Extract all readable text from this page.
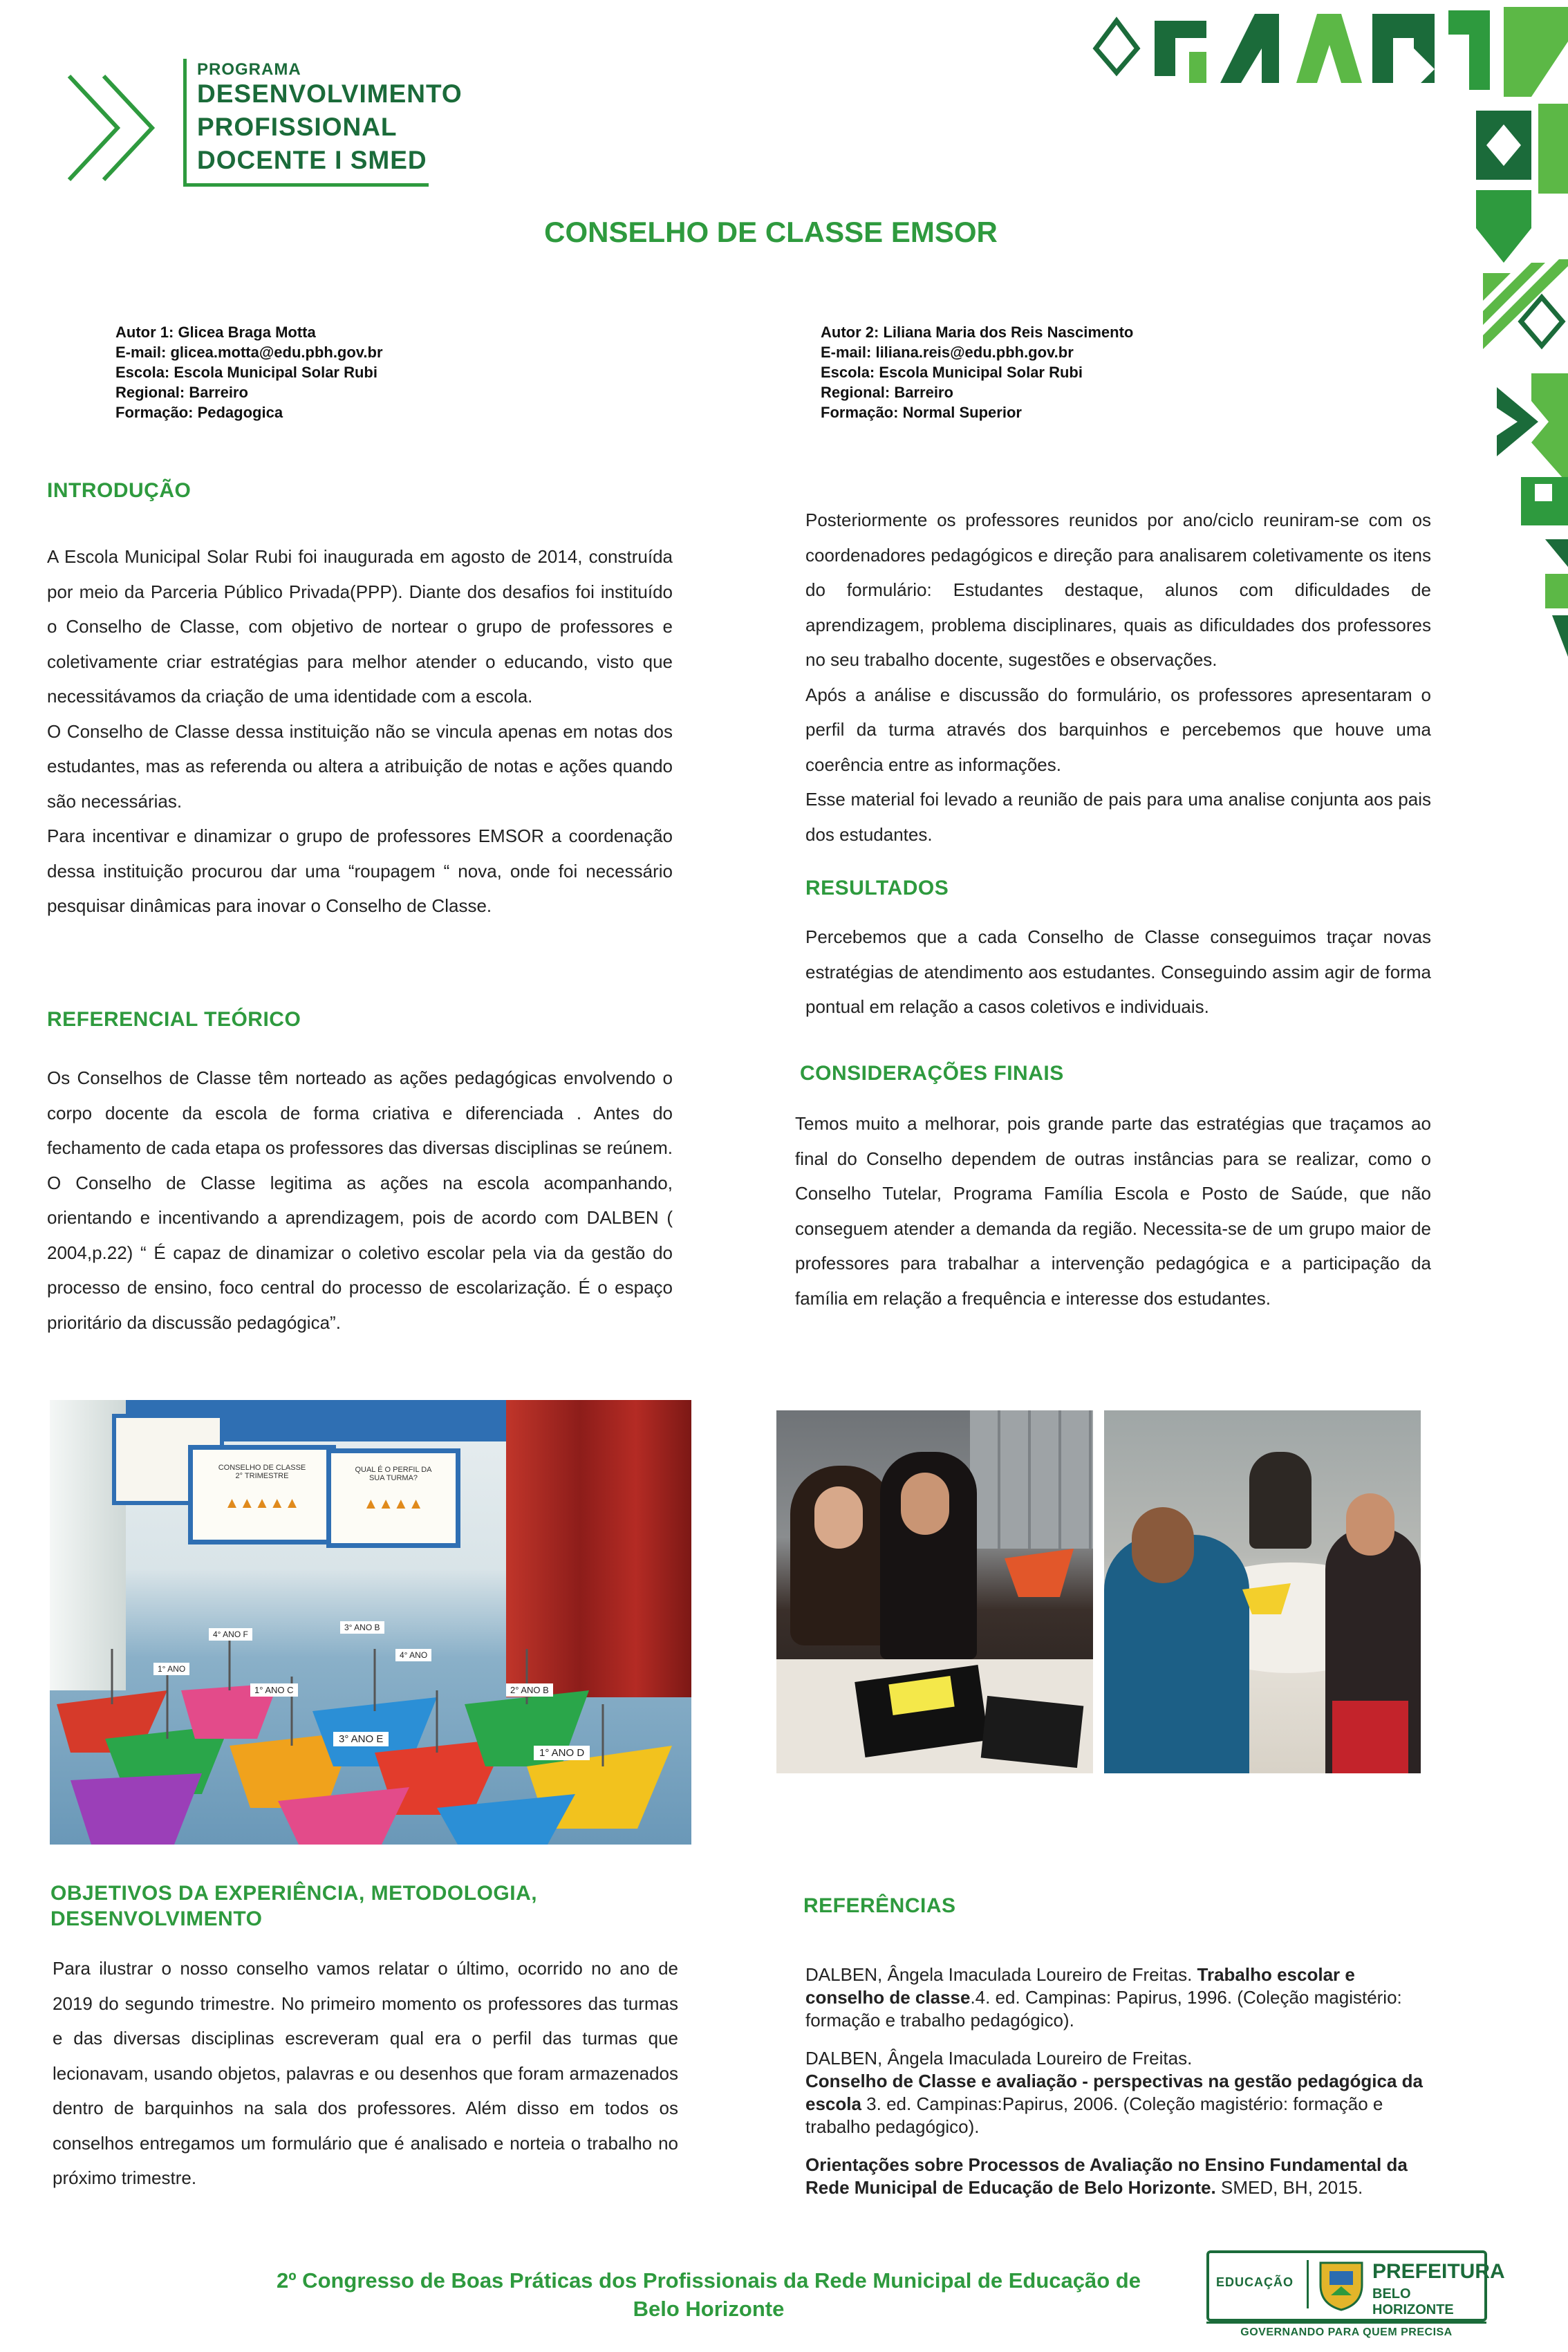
PROGRAMA
DESENVOLVIMENTO
PROFISSIONAL
DOCENTE I SMED
CONSELHO DE CLASSE EMSOR
Autor 1: Glicea Braga Motta
E-mail: glicea.motta@edu.pbh.gov.br
Escola: Escola Municipal Solar Rubi
Regional: Barreiro
Formação: Pedagogica
Autor 2: Liliana Maria dos Reis Nascimento
E-mail: liliana.reis@edu.pbh.gov.br
Escola: Escola Municipal Solar Rubi
Regional: Barreiro
Formação: Normal Superior
INTRODUÇÃO

A Escola Municipal Solar Rubi foi inaugurada em agosto de 2014, construída por meio da Parceria Público Privada(PPP). Diante dos desafios foi instituído o Conselho de Classe, com objetivo de nortear o grupo de professores e coletivamente criar estratégias para melhor atender o educando, visto que necessitávamos da criação de uma identidade com a escola.

O Conselho de Classe dessa instituição não se vincula apenas em notas dos estudantes, mas as referenda ou altera a atribuição de notas e ações quando são necessárias.

Para incentivar e dinamizar o grupo de professores EMSOR a coordenação dessa instituição procurou dar uma “roupagem “ nova, onde foi necessário pesquisar dinâmicas para inovar o Conselho de Classe.

REFERENCIAL TEÓRICO

Os Conselhos de Classe têm norteado as ações pedagógicas envolvendo o corpo docente da escola de forma criativa e diferenciada . Antes do fechamento de cada etapa os professores das diversas disciplinas se reúnem. O Conselho de Classe legitima as ações na escola acompanhando, orientando e incentivando a aprendizagem, pois de acordo com DALBEN ( 2004,p.22) “ É capaz de dinamizar o coletivo escolar pela via da gestão do processo de ensino, foco central do processo de escolarização. É o espaço prioritário da discussão pedagógica”.

Posteriormente os professores reunidos por ano/ciclo reuniram-se com os coordenadores pedagógicos e direção para analisarem coletivamente os itens do formulário: Estudantes destaque, alunos com dificuldades de aprendizagem, problema disciplinares, quais as dificuldades dos professores no seu trabalho docente, sugestões e observações.

Após a análise e discussão do formulário, os professores apresentaram o perfil da turma através dos barquinhos e percebemos que houve uma coerência entre as informações.

Esse material foi levado a reunião de pais para uma analise conjunta aos pais dos estudantes.

RESULTADOS

Percebemos que a cada Conselho de Classe conseguimos traçar novas estratégias de atendimento aos estudantes. Conseguindo assim agir de forma pontual em relação a casos coletivos e individuais.

CONSIDERAÇÕES FINAIS

Temos muito a melhorar, pois grande parte das estratégias que traçamos ao final do Conselho dependem de outras instâncias para se realizar, como o Conselho Tutelar, Programa Família Escola e Posto de Saúde, que não conseguem atender a demanda da região. Necessita-se de um grupo maior de professores para trabalhar a intervenção pedagógica e a participação da família em relação a frequência e interesse dos estudantes.

CONSELHO DE CLASSE
2° TRIMESTRE
▲▲▲▲▲
QUAL É O PERFIL DA
SUA TURMA?
▲▲▲▲
3° ANO B
1° ANO
4° ANO
2° ANO B
1° ANO C
3° ANO E
1° ANO D
4° ANO F
OBJETIVOS DA EXPERIÊNCIA, METODOLOGIA,
DESENVOLVIMENTO

Para ilustrar o nosso conselho vamos relatar o último, ocorrido no ano de 2019 do segundo trimestre. No primeiro momento os professores das turmas e das diversas disciplinas escreveram qual era o perfil das turmas que lecionavam, usando objetos, palavras e ou desenhos que foram armazenados dentro de barquinhos na sala dos professores. Além disso em todos os conselhos entregamos um formulário que é analisado e norteia o trabalho no próximo trimestre.

REFERÊNCIAS

DALBEN, Ângela Imaculada Loureiro de Freitas. Trabalho escolar e conselho de classe.4. ed. Campinas: Papirus, 1996. (Coleção magistério: formação e trabalho pedagógico).

DALBEN, Ângela Imaculada Loureiro de Freitas.
Conselho de Classe e avaliação - perspectivas na gestão pedagógica da escola 3. ed. Campinas:Papirus, 2006. (Coleção magistério: formação e trabalho pedagógico).

Orientações sobre Processos de Avaliação no Ensino Fundamental da Rede Municipal de Educação de Belo Horizonte. SMED, BH, 2015.

2º Congresso de Boas Práticas dos Profissionais da Rede Municipal de Educação de
Belo Horizonte
EDUCAÇÃO	PREFEITURA
BELO HORIZONTE
GOVERNANDO PARA QUEM PRECISA
